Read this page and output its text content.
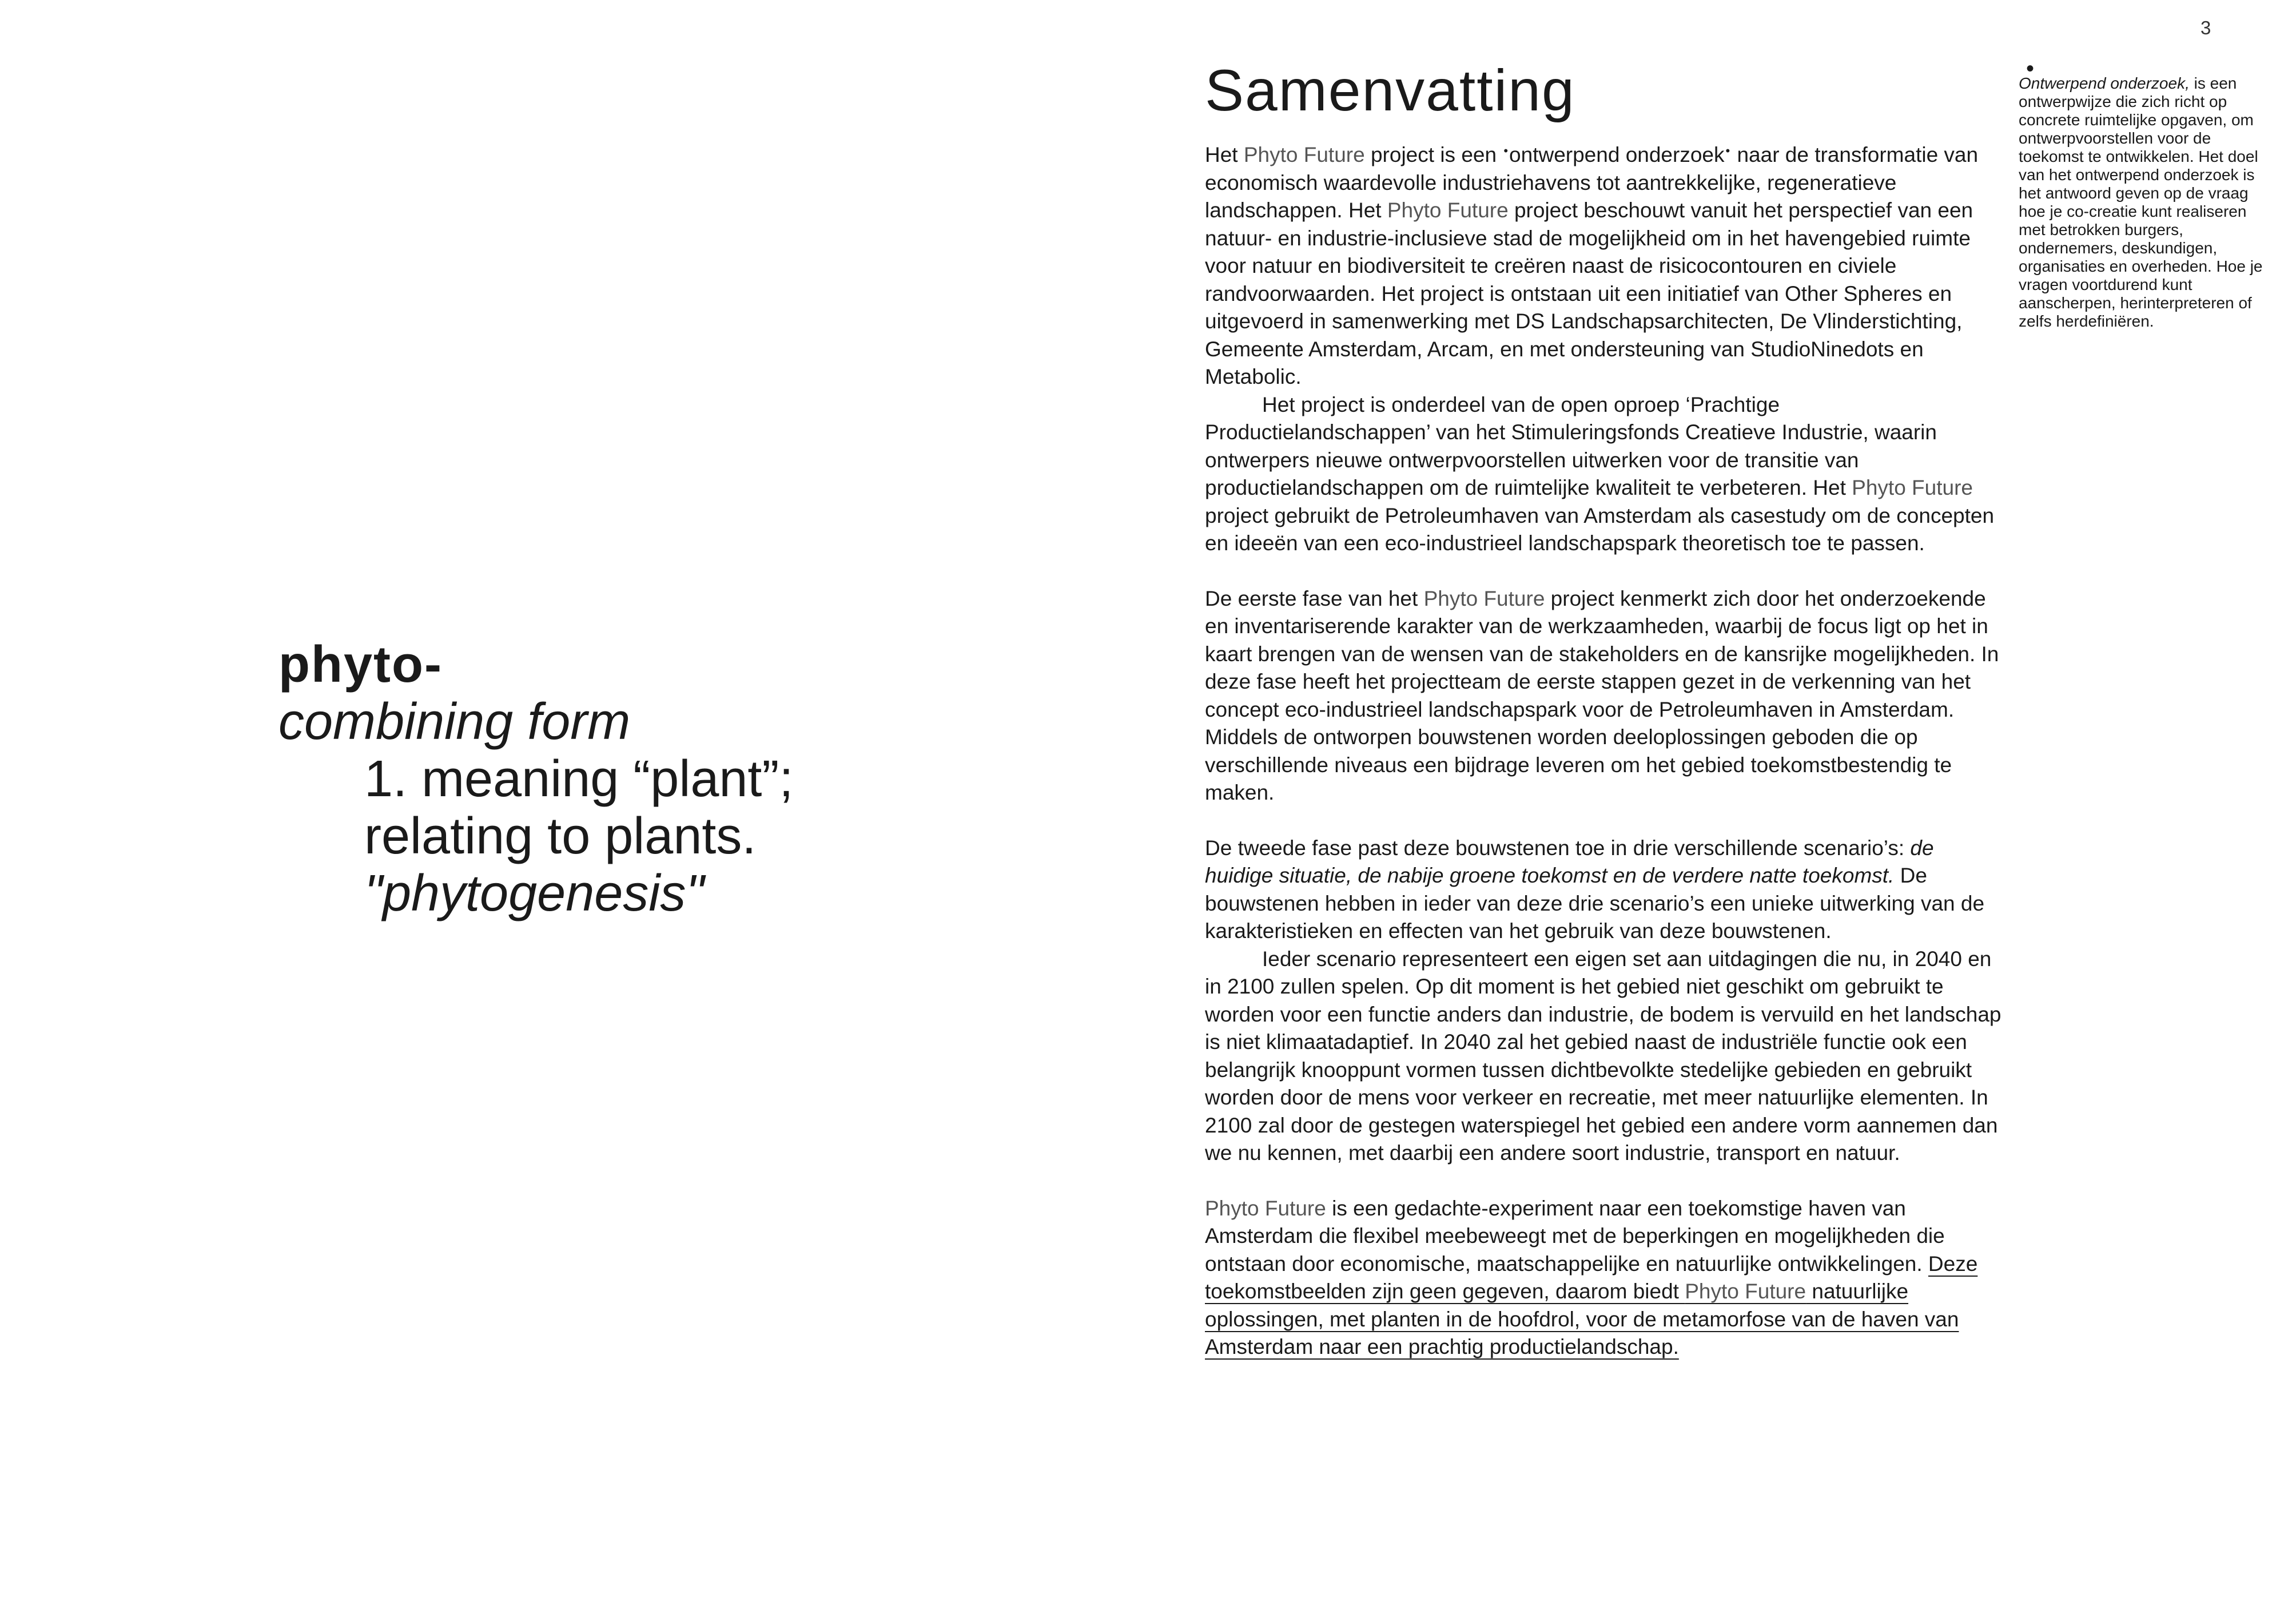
phyto-

combining form

1. meaning “plant”;

relating to plants.

"phytogenesis"

3
Samenvatting

Het Phyto Future project is een •ontwerpend onderzoek• naar de transformatie van economisch waardevolle industriehavens tot aantrekkelijke, regeneratieve landschappen. Het Phyto Future project beschouwt vanuit het perspectief van een natuur- en industrie-inclusieve stad de mogelijkheid om in het havengebied ruimte voor natuur en biodiversiteit te creëren naast de risicocontouren en civiele randvoorwaarden. Het project is ontstaan uit een initiatief van Other Spheres en uitgevoerd in samenwerking met DS Landschapsarchitecten, De Vlinderstichting, Gemeente Amsterdam, Arcam, en met ondersteuning van StudioNinedots en Metabolic.

Het project is onderdeel van de open oproep ‘Prachtige Productielandschappen’ van het Stimuleringsfonds Creatieve Industrie, waarin ontwerpers nieuwe ontwerpvoorstellen uitwerken voor de transitie van productielandschappen om de ruimtelijke kwaliteit te verbeteren. Het Phyto Future project gebruikt de Petroleumhaven van Amsterdam als casestudy om de concepten en ideeën van een eco-industrieel landschapspark theoretisch toe te passen.

De eerste fase van het Phyto Future project kenmerkt zich door het onderzoekende en inventariserende karakter van de werkzaamheden, waarbij de focus ligt op het in kaart brengen van de wensen van de stakeholders en de kansrijke mogelijkheden. In deze fase heeft het projectteam de eerste stappen gezet in de verkenning van het concept eco-industrieel landschapspark voor de Petroleumhaven in Amsterdam. Middels de ontworpen bouwstenen worden deeloplossingen geboden die op verschillende niveaus een bijdrage leveren om het gebied toekomstbestendig te maken.

De tweede fase past deze bouwstenen toe in drie verschillende scenario’s: de huidige situatie, de nabije groene toekomst en de verdere natte toekomst. De bouwstenen hebben in ieder van deze drie scenario’s een unieke uitwerking van de karakteristieken en effecten van het gebruik van deze bouwstenen.

Ieder scenario representeert een eigen set aan uitdagingen die nu, in 2040 en in 2100 zullen spelen. Op dit moment is het gebied niet geschikt om gebruikt te worden voor een functie anders dan industrie, de bodem is vervuild en het landschap is niet klimaatadaptief. In 2040 zal het gebied naast de industriële functie ook een belangrijk knooppunt vormen tussen dichtbevolkte stedelijke gebieden en gebruikt worden door de mens voor verkeer en recreatie, met meer natuurlijke elementen. In 2100 zal door de gestegen waterspiegel het gebied een andere vorm aannemen dan we nu kennen, met daarbij een andere soort industrie, transport en natuur.

Phyto Future is een gedachte-experiment naar een toekomstige haven van Amsterdam die flexibel meebeweegt met de beperkingen en mogelijkheden die ontstaan door economische, maatschappelijke en natuurlijke ontwikkelingen. Deze toekomstbeelden zijn geen gegeven, daarom biedt Phyto Future natuurlijke oplossingen, met planten in de hoofdrol, voor de metamorfose van de haven van Amsterdam naar een prachtig productielandschap.

•

Ontwerpend onderzoek, is een ontwerpwijze die zich richt op concrete ruimtelijke opgaven, om ontwerpvoorstellen voor de toekomst te ontwikkelen. Het doel van het ontwerpend onderzoek is het antwoord geven op de vraag hoe je co-creatie kunt realiseren met betrokken burgers, ondernemers, deskundigen, organisaties en overheden. Hoe je vragen voortdurend kunt aanscherpen, herinterpreteren of zelfs herdefiniëren.
